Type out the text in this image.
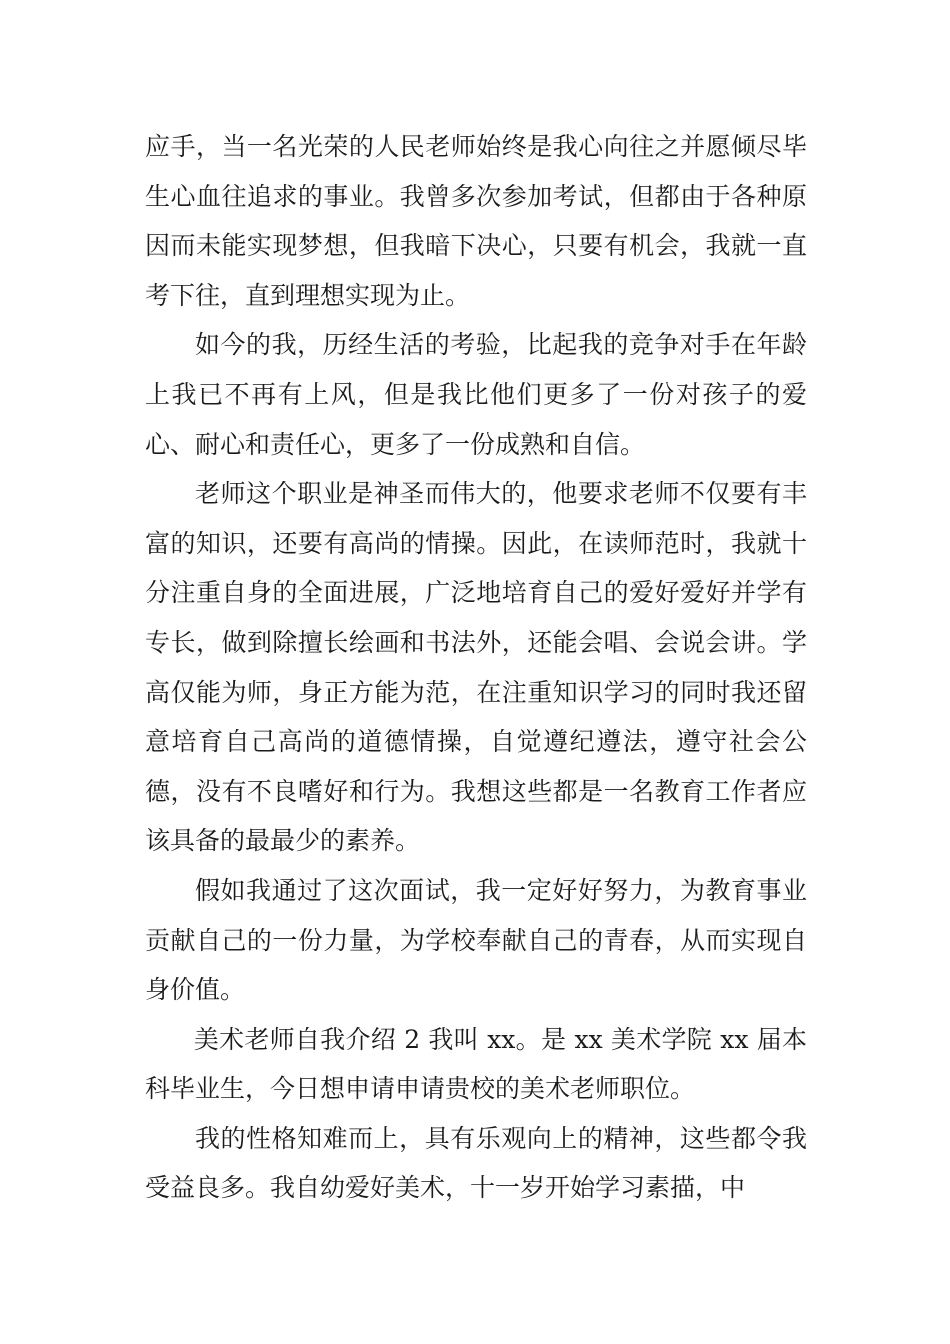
应手，当一名光荣的人民老师始终是我心向往之并愿倾尽毕生心血往追求的事业。我曾多次参加考试，但都由于各种原因而未能实现梦想，但我暗下决心，只要有机会，我就一直考下往，直到理想实现为止。

如今的我，历经生活的考验，比起我的竞争对手在年龄上我已不再有上风，但是我比他们更多了一份对孩子的爱心、耐心和责任心，更多了一份成熟和自信。

老师这个职业是神圣而伟大的，他要求老师不仅要有丰富的知识，还要有高尚的情操。因此，在读师范时，我就十分注重自身的全面进展，广泛地培育自己的爱好爱好并学有专长，做到除擅长绘画和书法外，还能会唱、会说会讲。学高仅能为师，身正方能为范，在注重知识学习的同时我还留意培育自己高尚的道德情操，自觉遵纪遵法，遵守社会公德，没有不良嗜好和行为。我想这些都是一名教育工作者应该具备的最最少的素养。

假如我通过了这次面试，我一定好好努力，为教育事业贡献自己的一份力量，为学校奉献自己的青春，从而实现自身价值。

美术老师自我介绍 2 我叫 xx。是 xx 美术学院 xx 届本科毕业生，今日想申请申请贵校的美术老师职位。

我的性格知难而上，具有乐观向上的精神，这些都令我受益良多。我自幼爱好美术，十一岁开始学习素描，中
